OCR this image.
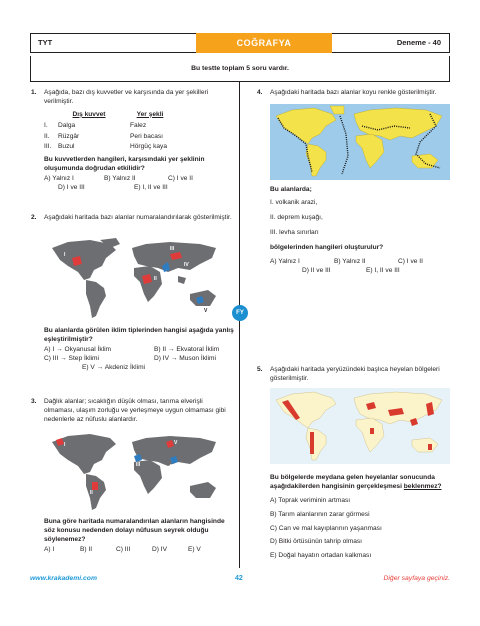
TYT	COĞRAFYA	Deneme - 40
Bu testte toplam 5 soru vardır.
1. Aşağıda, bazı dış kuvvetler ve karşısında da yer şekilleri verilmiştir.
	Dış kuvvet	Yer şekli
I.	Dalga	Falez
II.	Rüzgâr	Peri bacası
III.	Buzul	Hörgüç kaya
Bu kuvvetlerden hangileri, karşısındaki yer şeklinin oluşumunda doğrudan etkilidir?
A) Yalnız I	B) Yalnız II	C) I ve II
D) I ve III	E) I, II ve III
2. Aşağıdaki haritada bazı alanlar numaralandırılarak gösterilmiştir.
I
II
III
IV
V
Bu alanlarda görülen iklim tiplerinden hangisi aşağıda yanlış eşleştirilmiştir?
A) I → Okyanusal İklim	B) II → Ekvatoral İklim
C) III → Step İklimi	D) IV → Muson İklimi
E) V → Akdeniz İklimi
FY
3. Dağlık alanlar; sıcaklığın düşük olması, tarıma elverişli olmaması, ulaşım zorluğu ve yerleşmeye uygun olmaması gibi nedenlerle az nüfuslu alanlardır.
I
II
III	IV
V
Buna göre haritada numaralandırılan alanların hangisinde söz konusu nedenden dolayı nüfusun seyrek olduğu söylenemez?
A) I	B) II	C) III	D) IV	E) V
4. Aşağıdaki haritada bazı alanlar koyu renkle gösterilmiştir.
Bu alanlarda;
I. volkanik arazi,
II. deprem kuşağı,
III. levha sınırları
bölgelerinden hangileri oluşturulur?
A) Yalnız I	B) Yalnız II	C) I ve II
D) II ve III	E) I, II ve III
5. Aşağıdaki haritada yeryüzündeki başlıca heyelan bölgeleri gösterilmiştir.
Bu bölgelerde meydana gelen heyelanlar sonucunda aşağıdakilerden hangisinin gerçekleşmesi beklenmez?
A) Toprak veriminin artması
B) Tarım alanlarının zarar görmesi
C) Can ve mal kayıplarının yaşanması
D) Bitki örtüsünün tahrip olması
E) Doğal hayatın ortadan kalkması
www.krakademi.com	42	Diğer sayfaya geçiniz.
